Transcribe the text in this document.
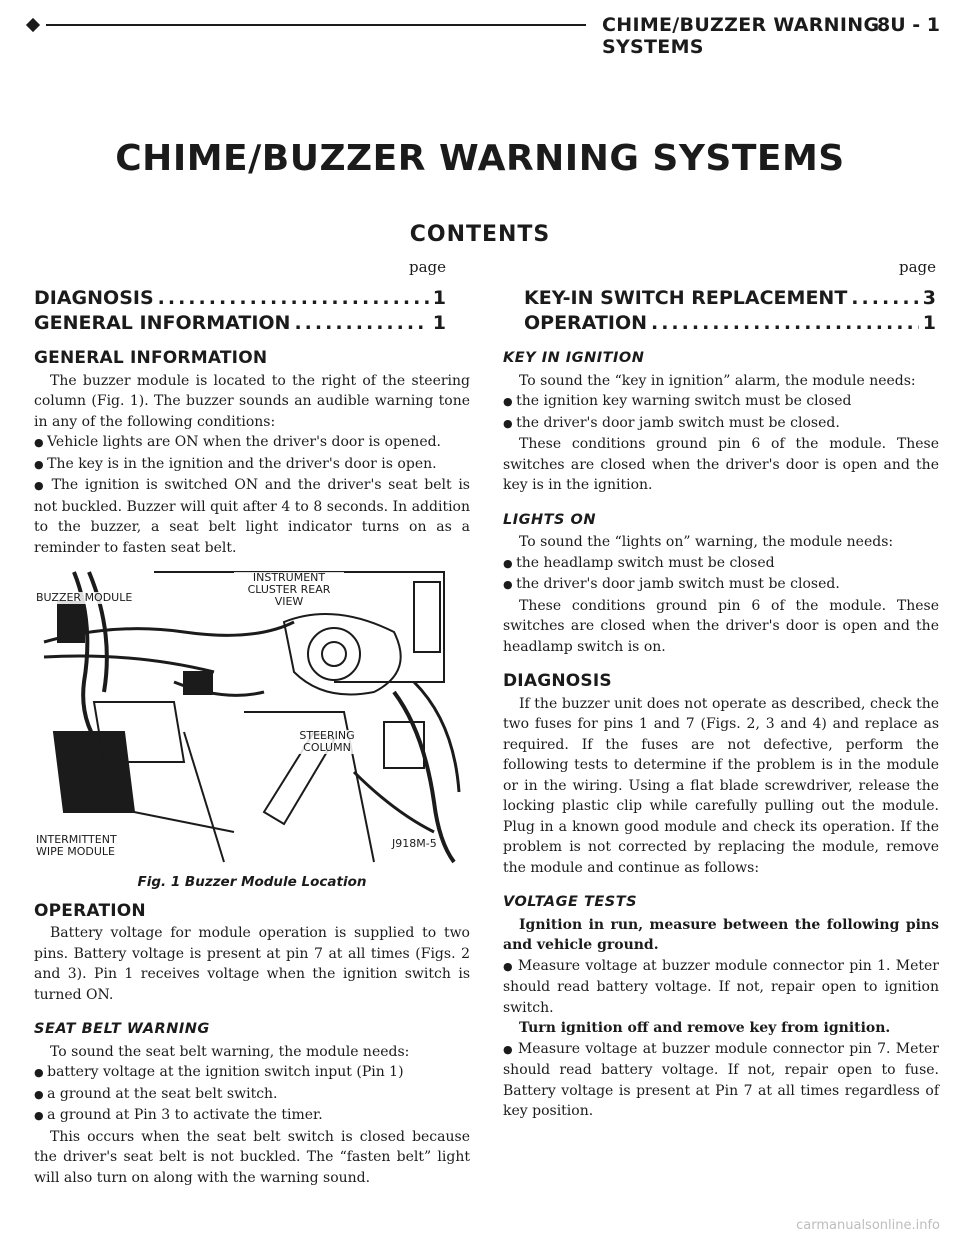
CHIME/BUZZER WARNING SYSTEMS
8U - 1
CHIME/BUZZER WARNING SYSTEMS
CONTENTS
page
DIAGNOSIS .....	1
GENERAL INFORMATION .....	1
page
KEY-IN SWITCH REPLACEMENT .....	3
OPERATION .....	1
GENERAL INFORMATION

The buzzer module is located to the right of the steering column (Fig. 1). The buzzer sounds an audible warning tone in any of the following conditions:

● Vehicle lights are ON when the driver's door is opened.

● The key is in the ignition and the driver's door is open.

● The ignition is switched ON and the driver's seat belt is not buckled. Buzzer will quit after 4 to 8 seconds. In addition to the buzzer, a seat belt light indicator turns on as a reminder to fasten seat belt.

BUZZER MODULE
INSTRUMENT CLUSTER REAR VIEW
STEERING COLUMN
INTERMITTENT WIPE MODULE
J918M-5
Fig. 1 Buzzer Module Location
OPERATION

Battery voltage for module operation is supplied to two pins. Battery voltage is present at pin 7 at all times (Figs. 2 and 3). Pin 1 receives voltage when the ignition switch is turned ON.

SEAT BELT WARNING

To sound the seat belt warning, the module needs:

● battery voltage at the ignition switch input (Pin 1)

● a ground at the seat belt switch.

● a ground at Pin 3 to activate the timer.

This occurs when the seat belt switch is closed because the driver's seat belt is not buckled. The “fasten belt” light will also turn on along with the warning sound.

KEY IN IGNITION

To sound the “key in ignition” alarm, the module needs:

● the ignition key warning switch must be closed

● the driver's door jamb switch must be closed.

These conditions ground pin 6 of the module. These switches are closed when the driver's door is open and the key is in the ignition.

LIGHTS ON

To sound the “lights on” warning, the module needs:

● the headlamp switch must be closed

● the driver's door jamb switch must be closed.

These conditions ground pin 6 of the module. These switches are closed when the driver's door is open and the headlamp switch is on.

DIAGNOSIS

If the buzzer unit does not operate as described, check the two fuses for pins 1 and 7 (Figs. 2, 3 and 4) and replace as required. If the fuses are not defective, perform the following tests to determine if the problem is in the module or in the wiring. Using a flat blade screwdriver, release the locking plastic clip while carefully pulling out the module. Plug in a known good module and check its operation. If the problem is not corrected by replacing the module, remove the module and continue as follows:

VOLTAGE TESTS

Ignition in run, measure between the following pins and vehicle ground.

● Measure voltage at buzzer module connector pin 1. Meter should read battery voltage. If not, repair open to ignition switch.

Turn ignition off and remove key from ignition.

● Measure voltage at buzzer module connector pin 7. Meter should read battery voltage. If not, repair open to fuse. Battery voltage is present at Pin 7 at all times regardless of key position.

carmanualsonline.info
